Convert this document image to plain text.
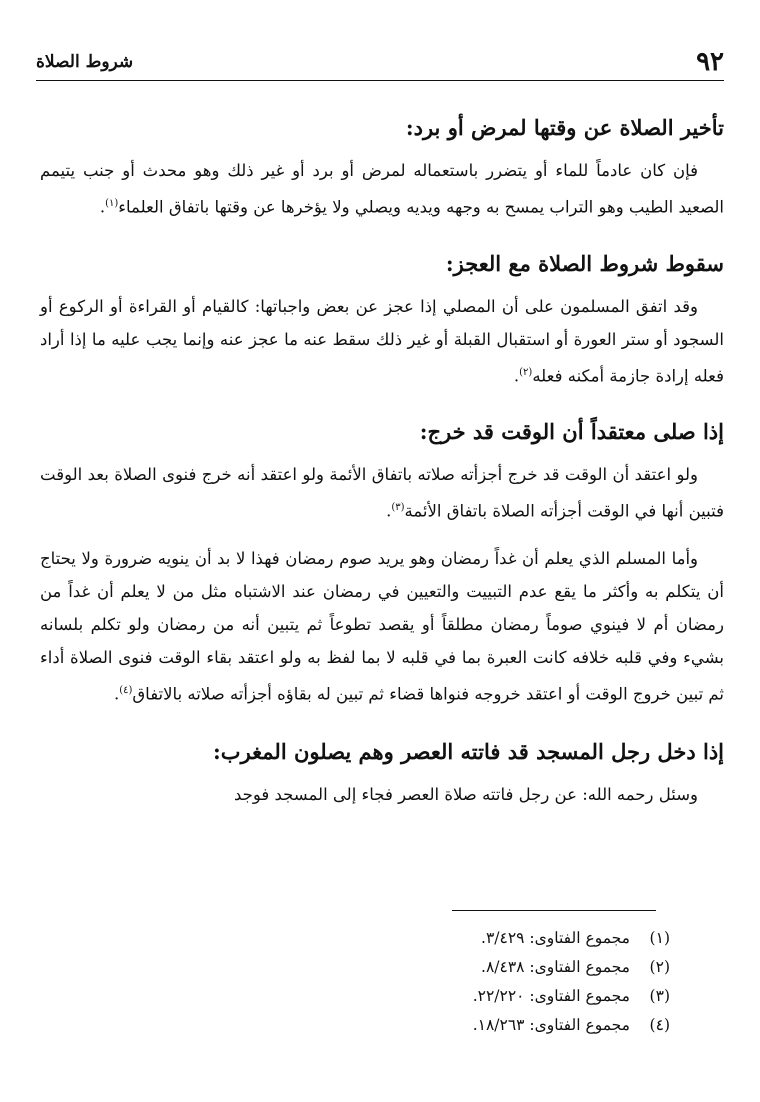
٩٢
شروط الصلاة
تأخير الصلاة عن وقتها لمرض أو برد:

فإن كان عادماً للماء أو يتضرر باستعماله لمرض أو برد أو غير ذلك وهو محدث أو جنب يتيمم الصعيد الطيب وهو التراب يمسح به وجهه ويديه ويصلي ولا يؤخرها عن وقتها باتفاق العلماء$^{(١)}$.

سقوط شروط الصلاة مع العجز:

وقد اتفق المسلمون على أن المصلي إذا عجز عن بعض واجباتها: كالقيام أو القراءة أو الركوع أو السجود أو ستر العورة أو استقبال القبلة أو غير ذلك سقط عنه ما عجز عنه وإنما يجب عليه ما إذا أراد فعله إرادة جازمة أمكنه فعله$^{(٢)}$.

إذا صلى معتقداً أن الوقت قد خرج:

ولو اعتقد أن الوقت قد خرج أجزأته صلاته باتفاق الأئمة ولو اعتقد أنه خرج فنوى الصلاة بعد الوقت فتبين أنها في الوقت أجزأته الصلاة باتفاق الأئمة$^{(٣)}$.

وأما المسلم الذي يعلم أن غداً رمضان وهو يريد صوم رمضان فهذا لا بد أن ينويه ضرورة ولا يحتاج أن يتكلم به وأكثر ما يقع عدم التبييت والتعيين في رمضان عند الاشتباه مثل من لا يعلم أن غداً من رمضان أم لا فينوي صوماً رمضان مطلقاً أو يقصد تطوعاً ثم يتبين أنه من رمضان ولو تكلم بلسانه بشيء وفي قلبه خلافه كانت العبرة بما في قلبه لا بما لفظ به ولو اعتقد بقاء الوقت فنوى الصلاة أداء ثم تبين خروج الوقت أو اعتقد خروجه فنواها قضاء ثم تبين له بقاؤه أجزأته صلاته بالاتفاق$^{(٤)}$.

إذا دخل رجل المسجد قد فاتته العصر وهم يصلون المغرب:

وسئل رحمه الله: عن رجل فاتته صلاة العصر فجاء إلى المسجد فوجد

(١)مجموع الفتاوى: ٣/٤٢٩.
(٢)مجموع الفتاوى: ٨/٤٣٨.
(٣)مجموع الفتاوى: ٢٢/٢٢٠.
(٤)مجموع الفتاوى: ١٨/٢٦٣.
